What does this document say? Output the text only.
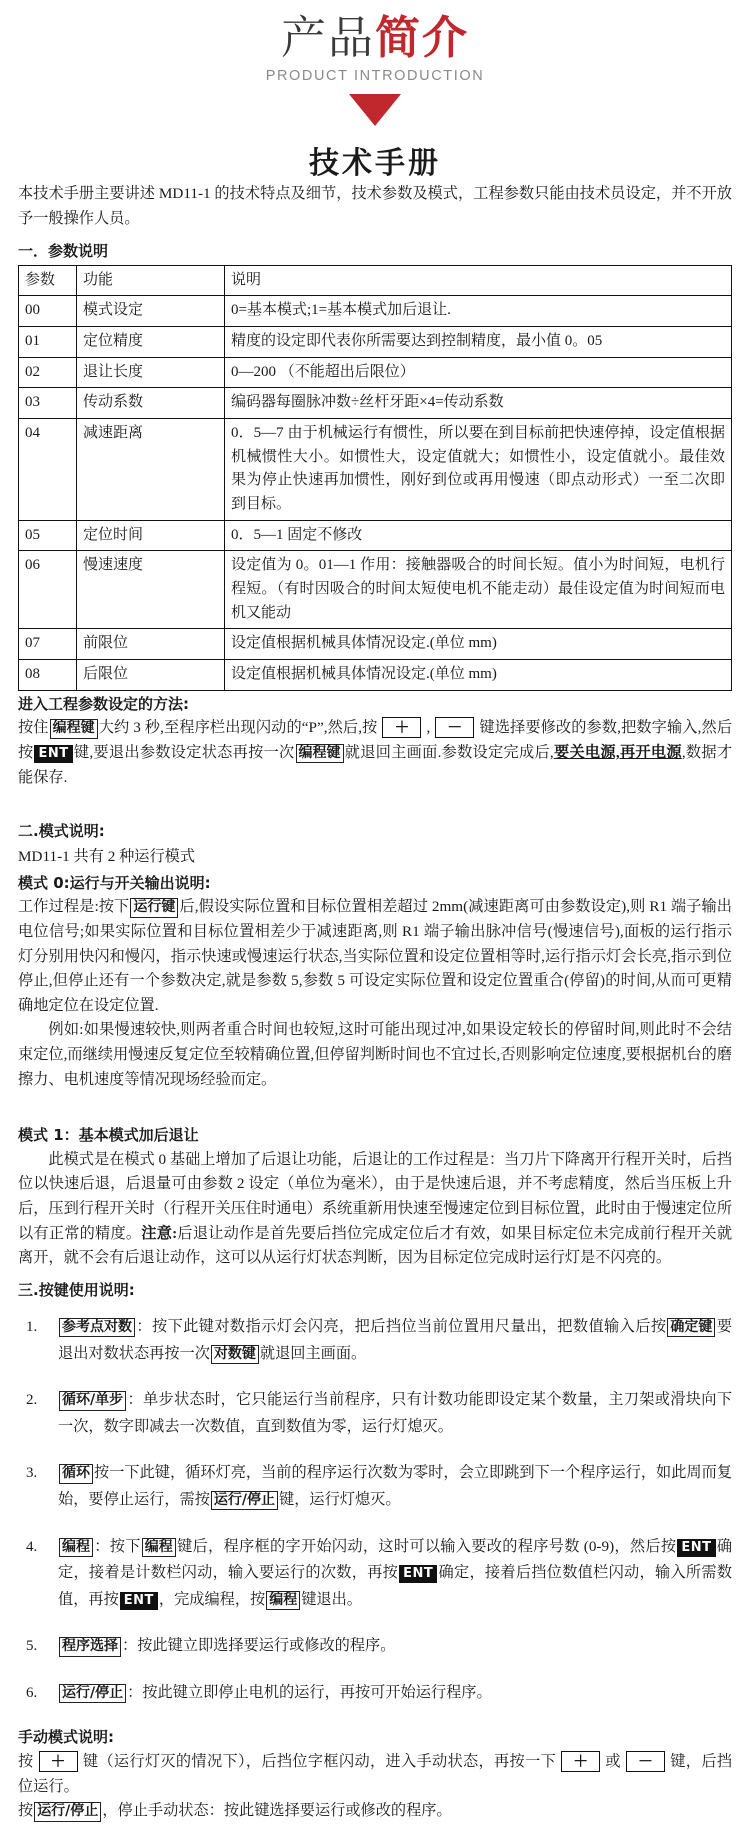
产品简介
PRODUCT INTRODUCTION
技术手册

本技术手册主要讲述 MD11-1 的技术特点及细节，技术参数及模式，工程参数只能由技术员设定，并不开放予一般操作人员。

一．参数说明
参数	功能	说明
00	模式设定	0=基本模式;1=基本模式加后退让.
01	定位精度	精度的设定即代表你所需要达到控制精度，最小值 0。05
02	退让长度	0—200 （不能超出后限位）
03	传动系数	编码器每圈脉冲数÷丝杆牙距×4=传动系数
04	减速距离	0．5—7 由于机械运行有惯性，所以要在到目标前把快速停掉，设定值根据机械惯性大小。如惯性大，设定值就大；如惯性小，设定值就小。最佳效果为停止快速再加惯性，刚好到位或再用慢速（即点动形式）一至二次即到目标。
05	定位时间	0．5—1 固定不修改
06	慢速速度	设定值为 0。01—1 作用：接触器吸合的时间长短。值小为时间短，电机行程短。（有时因吸合的时间太短使电机不能走动）最佳设定值为时间短而电机又能动
07	前限位	设定值根据机械具体情况设定.(单位 mm)
08	后限位	设定值根据机械具体情况设定.(单位 mm)
进入工程参数设定的方法:

按住 编程键 大约 3 秒,至程序栏出现闪动的“P”,然后,按 ＋ , － 键选择要修改的参数,把数字输入,然后按 ENT 键,要退出参数设定状态再按一次 编程键 就退回主画面.参数设定完成后,要关电源,再开电源,数据才能保存.

二.模式说明:

MD11-1 共有 2 种运行模式

模式 0:运行与开关输出说明:

工作过程是:按下 运行键 后,假设实际位置和目标位置相差超过 2mm(减速距离可由参数设定),则 R1 端子输出电位信号;如果实际位置和目标位置相差少于减速距离,则 R1 端子输出脉冲信号(慢速信号),面板的运行指示灯分别用快闪和慢闪，指示快速或慢速运行状态,当实际位置和设定位置相等时,运行指示灯会长亮,指示到位停止,但停止还有一个参数决定,就是参数 5,参数 5 可设定实际位置和设定位置重合(停留)的时间,从而可更精确地定位在设定位置.

例如:如果慢速较快,则两者重合时间也较短,这时可能出现过冲,如果设定较长的停留时间,则此时不会结束定位,而继续用慢速反复定位至较精确位置,但停留判断时间也不宜过长,否则影响定位速度,要根据机台的磨擦力、电机速度等情况现场经验而定。

模式 1：基本模式加后退让

此模式是在模式 0 基础上增加了后退让功能，后退让的工作过程是：当刀片下降离开行程开关时，后挡位以快速后退，后退量可由参数 2 设定（单位为毫米），由于是快速后退，并不考虑精度，然后当压板上升后，压到行程开关时（行程开关压住时通电）系统重新用快速至慢速定位到目标位置，此时由于慢速定位所以有正常的精度。注意:后退让动作是首先要后挡位完成定位后才有效，如果目标定位未完成前行程开关就离开，就不会有后退让动作，这可以从运行灯状态判断，因为目标定位完成时运行灯是不闪亮的。

三.按键使用说明:
参考点对数 ：按下此键对数指示灯会闪亮，把后挡位当前位置用尺量出，把数值输入后按 确定键 要退出对数状态再按一次 对数键 就退回主画面。
循环/单步 ：单步状态时，它只能运行当前程序，只有计数功能即设定某个数量，主刀架或滑块向下一次，数字即减去一次数值，直到数值为零，运行灯熄灭。
循环 按一下此键，循环灯亮，当前的程序运行次数为零时，会立即跳到下一个程序运行，如此周而复始，要停止运行，需按 运行/停止 键，运行灯熄灭。
编程 ：按下 编程 键后，程序框的字开始闪动，这时可以输入要改的程序号数 (0-9)，然后按 ENT 确定，接着是计数栏闪动，输入要运行的次数，再按 ENT 确定，接着后挡位数值栏闪动，输入所需数值，再按 ENT ，完成编程，按 编程 键退出。
程序选择 ：按此键立即选择要运行或修改的程序。
运行/停止 ：按此键立即停止电机的运行，再按可开始运行程序。
手动模式说明:

按 ＋ 键（运行灯灭的情况下），后挡位字框闪动，进入手动状态，再按一下 ＋ 或 － 键，后挡位运行。

按 运行/停止 ，停止手动状态：按此键选择要运行或修改的程序。
